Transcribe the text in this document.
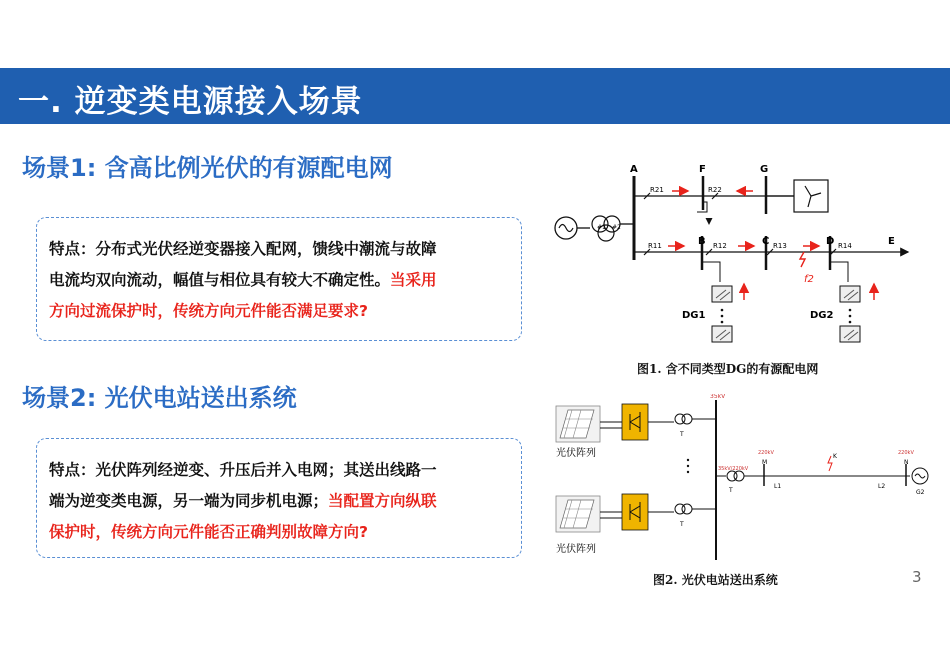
一. 逆变类电源接入场景
场景1: 含高比例光伏的有源配电网
特点：分布式光伏经逆变器接入配网，馈线中潮流与故障
电流均双向流动，幅值与相位具有较大不确定性。当采用
方向过流保护时，传统方向元件能否满足要求?
场景2: 光伏电站送出系统
特点：光伏阵列经逆变、升压后并入电网；其送出线路一
端为逆变类电源，另一端为同步机电源；当配置方向纵联
保护时，传统方向元件能否正确判别故障方向?
#1 #2
A	F	G
R21	R22
R11	R12	R13	R14
B	C	D	E
f2
DG1	DG2
图1. 含不同类型DG的有源配电网
光伏阵列
T
光伏阵列
T
35kV
35kV/220kV
T
220kV
M
L1
K
L2
220kV
N
G2
图2. 光伏电站送出系统	3
